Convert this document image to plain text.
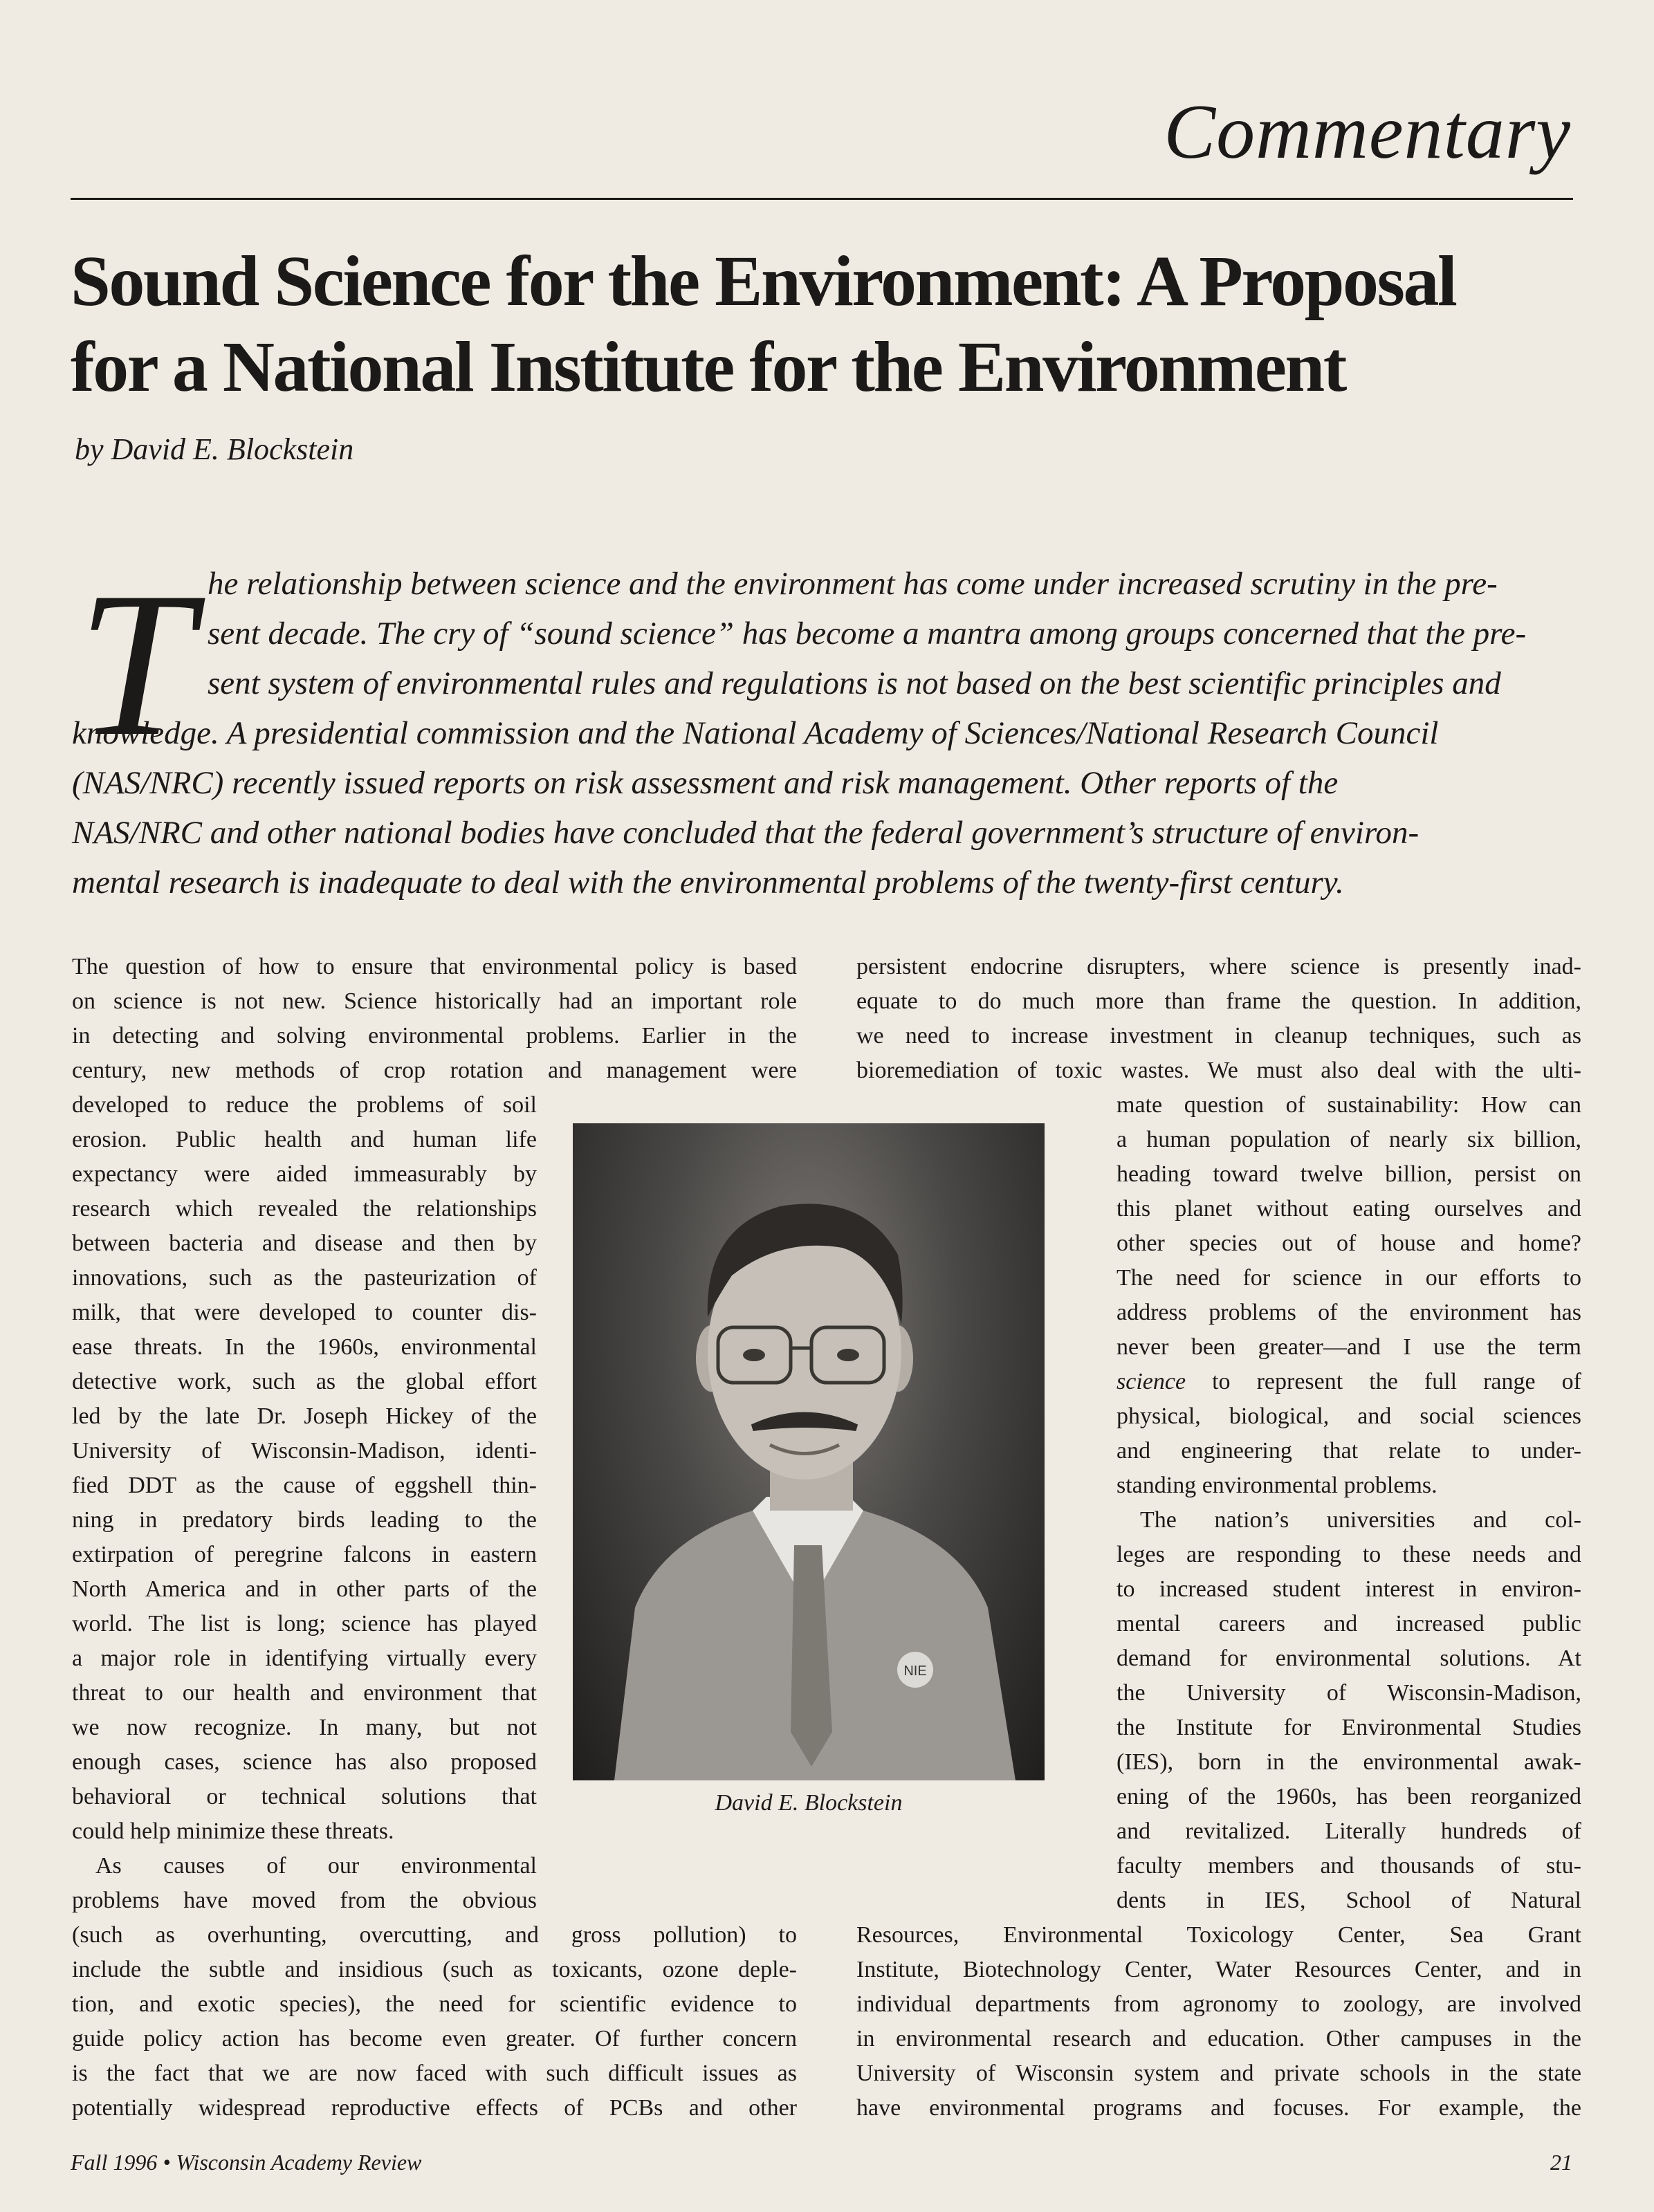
Commentary
Sound Science for the Environment: A Proposal
for a National Institute for the Environment
by David E. Blockstein
T he relationship between science and the environment has come under increased scrutiny in the pre-
sent decade. The cry of “sound science” has become a mantra among groups concerned that the pre-
sent system of environmental rules and regulations is not based on the best scientific principles and
knowledge. A presidential commission and the National Academy of Sciences/National Research Council
(NAS/NRC) recently issued reports on risk assessment and risk management. Other reports of the
NAS/NRC and other national bodies have concluded that the federal government’s structure of environ-
mental research is inadequate to deal with the environmental problems of the twenty-first century.
NIE
David E. Blockstein
The question of how to ensure that environmental policy is based
on science is not new. Science historically had an important role
in detecting and solving environmental problems. Earlier in the
century, new methods of crop rotation and management were
developed to reduce the problems of soil
erosion. Public health and human life
expectancy were aided immeasurably by
research which revealed the relationships
between bacteria and disease and then by
innovations, such as the pasteurization of
milk, that were developed to counter dis-
ease threats. In the 1960s, environmental
detective work, such as the global effort
led by the late Dr. Joseph Hickey of the
University of Wisconsin-Madison, identi-
fied DDT as the cause of eggshell thin-
ning in predatory birds leading to the
extirpation of peregrine falcons in eastern
North America and in other parts of the
world. The list is long; science has played
a major role in identifying virtually every
threat to our health and environment that
we now recognize. In many, but not
enough cases, science has also proposed
behavioral or technical solutions that
could help minimize these threats.
 As causes of our environmental
problems have moved from the obvious
(such as overhunting, overcutting, and gross pollution) to
include the subtle and insidious (such as toxicants, ozone deple-
tion, and exotic species), the need for scientific evidence to
guide policy action has become even greater. Of further concern
is the fact that we are now faced with such difficult issues as
potentially widespread reproductive effects of PCBs and other
persistent endocrine disrupters, where science is presently inad-
equate to do much more than frame the question. In addition,
we need to increase investment in cleanup techniques, such as
bioremediation of toxic wastes. We must also deal with the ulti-
mate question of sustainability: How can
a human population of nearly six billion,
heading toward twelve billion, persist on
this planet without eating ourselves and
other species out of house and home?
The need for science in our efforts to
address problems of the environment has
never been greater—and I use the term
science to represent the full range of
physical, biological, and social sciences
and engineering that relate to under-
standing environmental problems.
 The nation’s universities and col-
leges are responding to these needs and
to increased student interest in environ-
mental careers and increased public
demand for environmental solutions. At
the University of Wisconsin-Madison,
the Institute for Environmental Studies
(IES), born in the environmental awak-
ening of the 1960s, has been reorganized
and revitalized. Literally hundreds of
faculty members and thousands of stu-
dents in IES, School of Natural
Resources, Environmental Toxicology Center, Sea Grant
Institute, Biotechnology Center, Water Resources Center, and in
individual departments from agronomy to zoology, are involved
in environmental research and education. Other campuses in the
University of Wisconsin system and private schools in the state
have environmental programs and focuses. For example, the
Fall 1996 • Wisconsin Academy Review	21
